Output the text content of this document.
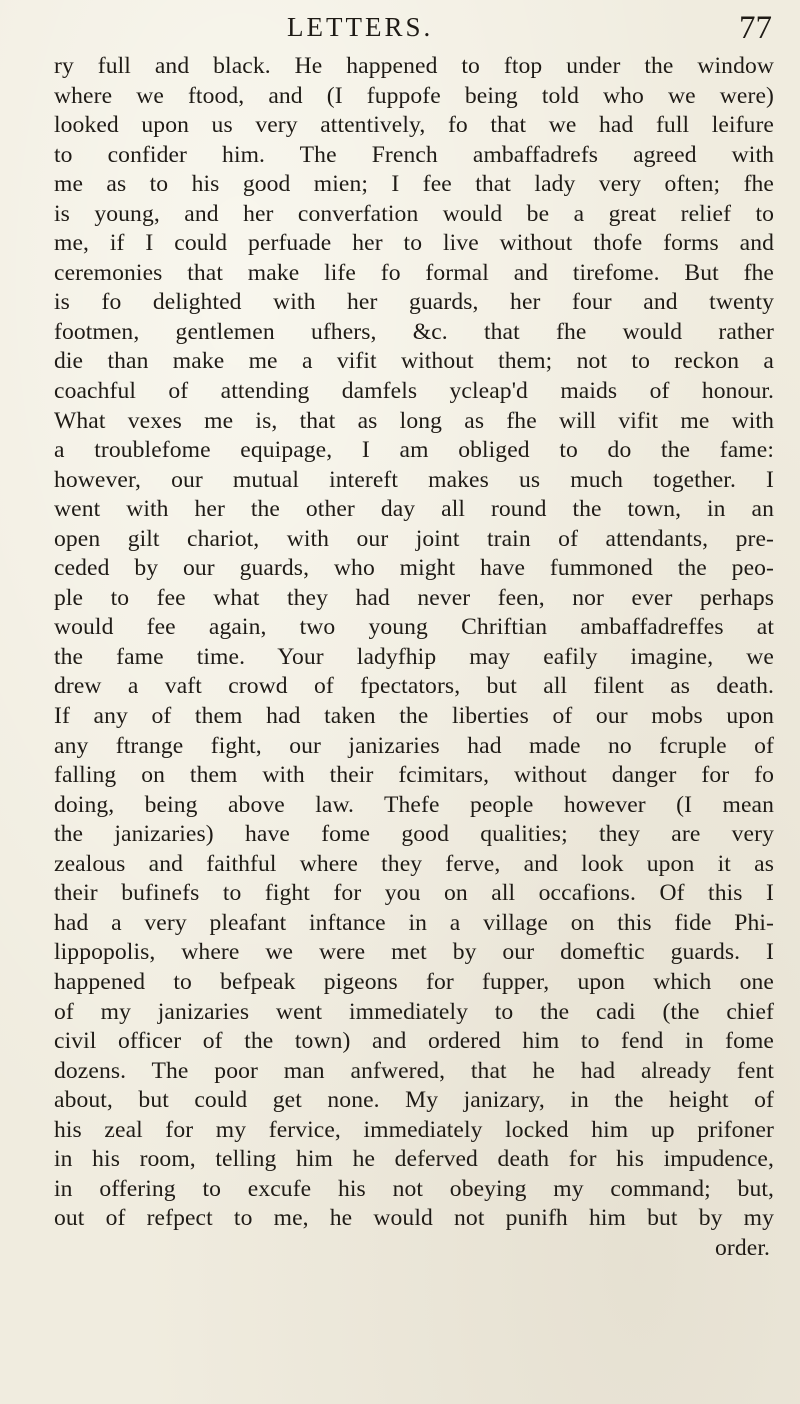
LETTERS.	77
ry full and black. He happened to ftop under the window
where we ftood, and (I fuppofe being told who we were)
looked upon us very attentively, fo that we had full leifure
to confider him. The French ambaffadrefs agreed with
me as to his good mien; I fee that lady very often; fhe
is young, and her converfation would be a great relief to
me, if I could perfuade her to live without thofe forms and
ceremonies that make life fo formal and tirefome. But fhe
is fo delighted with her guards, her four and twenty
footmen, gentlemen ufhers, &c. that fhe would rather
die than make me a vifit without them; not to reckon a
coachful of attending damfels ycleap'd maids of honour.
What vexes me is, that as long as fhe will vifit me with
a troublefome equipage, I am obliged to do the fame:
however, our mutual intereft makes us much together. I
went with her the other day all round the town, in an
open gilt chariot, with our joint train of attendants, pre-
ceded by our guards, who might have fummoned the peo-
ple to fee what they had never feen, nor ever perhaps
would fee again, two young Chriftian ambaffadreffes at
the fame time. Your ladyfhip may eafily imagine, we
drew a vaft crowd of fpectators, but all filent as death.
If any of them had taken the liberties of our mobs upon
any ftrange fight, our janizaries had made no fcruple of
falling on them with their fcimitars, without danger for fo
doing, being above law. Thefe people however (I mean
the janizaries) have fome good qualities; they are very
zealous and faithful where they ferve, and look upon it as
their bufinefs to fight for you on all occafions. Of this I
had a very pleafant inftance in a village on this fide Phi-
lippopolis, where we were met by our domeftic guards. I
happened to befpeak pigeons for fupper, upon which one
of my janizaries went immediately to the cadi (the chief
civil officer of the town) and ordered him to fend in fome
dozens. The poor man anfwered, that he had already fent
about, but could get none. My janizary, in the height of
his zeal for my fervice, immediately locked him up prifoner
in his room, telling him he deferved death for his impudence,
in offering to excufe his not obeying my command; but,
out of refpect to me, he would not punifh him but by my
order.
